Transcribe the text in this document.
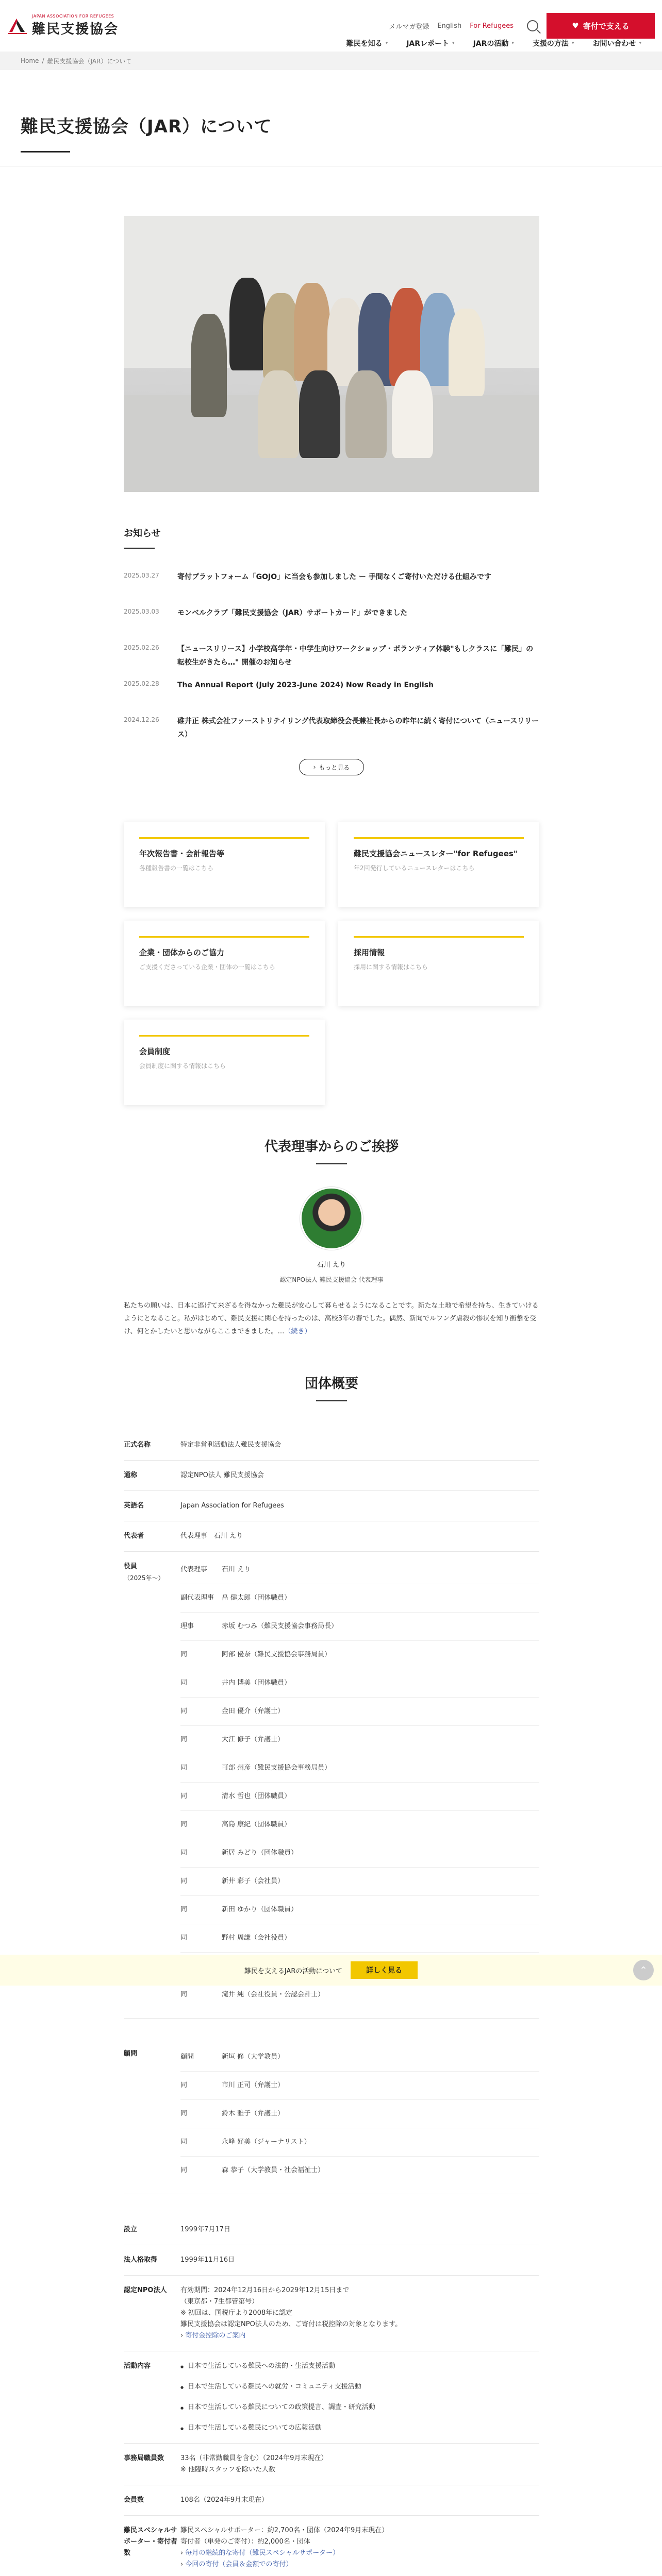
JAPAN ASSOCIATION FOR REFUGEES
難民支援協会	メルマガ登録 English For Refugees	♥ 寄付で支える
難民を知る ▾	JARレポート ▾	JARの活動 ▾	支援の方法 ▾	お問い合わせ ▾
Home / 難民支援協会（JAR）について
難民支援協会（JAR）について
お知らせ
2025.03.27	寄付プラットフォーム「GOJO」に当会も参加しました ー 手間なくご寄付いただける仕組みです
2025.03.03	モンベルクラブ「難民支援協会（JAR）サポートカード」ができました
2025.02.26	【ニュースリリース】小学校高学年・中学生向けワークショップ・ボランティア体験"もしクラスに「難民」の転校生がきたら…" 開催のお知らせ
2025.02.28	The Annual Report (July 2023-June 2024) Now Ready in English
2024.12.26	碓井正 株式会社ファーストリテイリング代表取締役会長兼社長からの昨年に続く寄付について（ニュースリリース）
› もっと見る
年次報告書・会計報告等
各種報告書の一覧はこちら
難民支援協会ニュースレター"for Refugees"
年2回発行しているニュースレターはこちら
企業・団体からのご協力
ご支援くださっている企業・団体の一覧はこちら
採用情報
採用に関する情報はこちら
会員制度
会員制度に関する情報はこちら
代表理事からのご挨拶
石川 えり
認定NPO法人 難民支援協会 代表理事

私たちの願いは、日本に逃げて来ざるを得なかった難民が安心して暮らせるようになることです。新たな土地で希望を持ち、生きていけるようにとなること。私がはじめて、難民支援に関心を持ったのは、高校3年の春でした。偶然、新聞でルワンダ虐殺の惨状を知り衝撃を受け、何とかしたいと思いながらここまできました。…（続き）

団体概要
正式名称	特定非営利活動法人難民支援協会
通称	認定NPO法人 難民支援協会
英語名	Japan Association for Refugees
代表者	代表理事　石川 えり
役員
（2025年〜）
代表理事	石川 えり
副代表理事	畠 健太郎（団体職員）
理事	赤坂 むつみ（難民支援協会事務局長）
同	阿部 優奈（難民支援協会事務局員）
同	井内 博美（団体職員）
同	金田 優介（弁護士）
同	大江 修子（弁護士）
同	可部 州彦（難民支援協会事務局員）
同	清水 哲也（団体職員）
同	高島 康紀（団体職員）
同	新居 みどり（団体職員）
同	新井 彩子（会社員）
同	新田 ゆかり（団体職員）
同	野村 周謙（会社役員）
同	滝井 純（会社役員・公認会計士）
顧問	顧問	新垣 修（大学教員）
同	市川 正司（弁護士）
同	鈴木 雅子（弁護士）
同	永峰 好美（ジャーナリスト）
同	森 恭子（大学教員・社会福祉士）
設立	1999年7月17日
法人格取得	1999年11月16日
認定NPO法人	有効期間：2024年12月16日から2029年12月15日まで
（東京都・7生都管第号）
※ 初回は、国税庁より2008年に認定
難民支援協会は認定NPO法人のため、ご寄付は税控除の対象となります。
› 寄付金控除のご案内
活動内容
●	日本で生活している難民への法的・生活支援活動
● 日本で生活している難民への就労・コミュニティ支援活動
● 日本で生活している難民についての政策提言、調査・研究活動
● 日本で生活している難民についての広報活動
事務局職員数	33名（非常勤職員を含む）（2024年9月末現在）
※ 他臨時スタッフを除いた人数
会員数	108名（2024年9月末現在）
難民スペシャルサポーター・寄付者数
難民スペシャルサポーター：約2,700名・団体（2024年9月末現在）
寄付者（単発のご寄付）：約2,000名・団体
› 毎月の継続的な寄付（難民スペシャルサポーター）
› 今回の寄付（会員＆金額での寄付）
難民を支えるJARの活動について	詳しく見る	⌃
